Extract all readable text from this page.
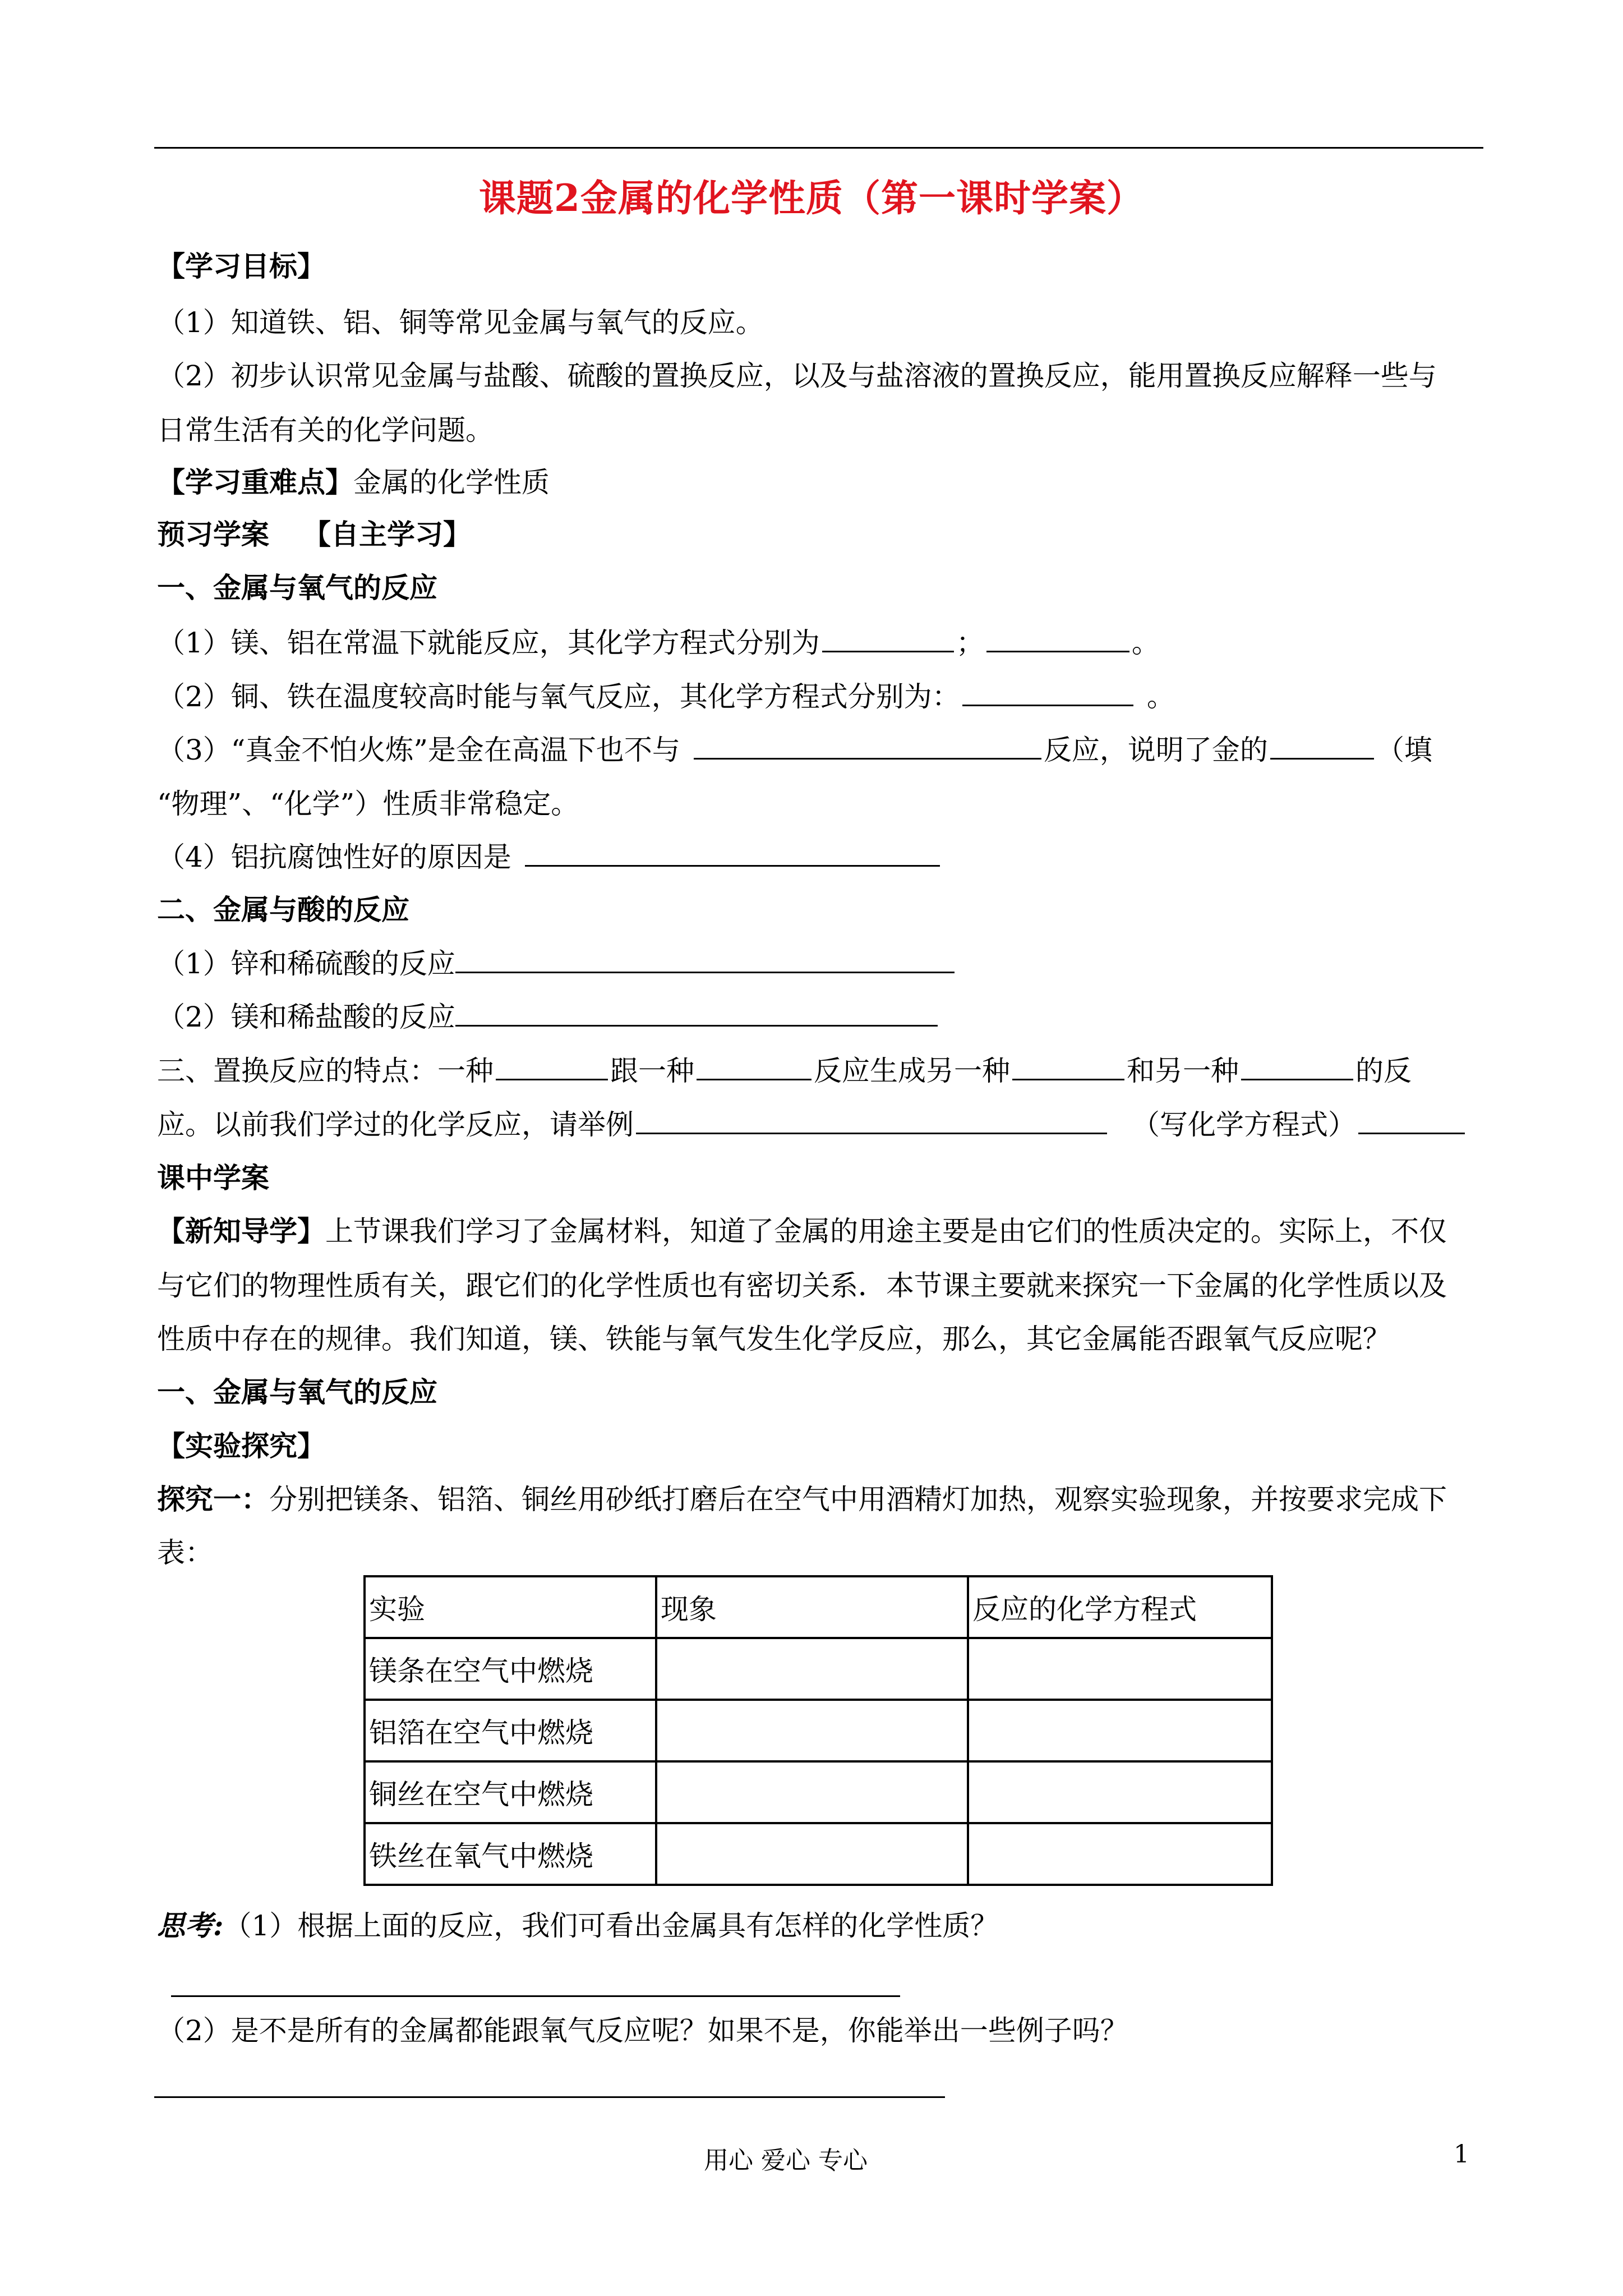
课题2金属的化学性质（第一课时学案）
【学习目标】
（1）知道铁、铝、铜等常见金属与氧气的反应。
（2）初步认识常见金属与盐酸、硫酸的置换反应，以及与盐溶液的置换反应，能用置换反应解释一些与
日常生活有关的化学问题。
【学习重难点】金属的化学性质
预习学案 【自主学习】
一、金属与氧气的反应
（1）镁、铝在常温下就能反应，其化学方程式分别为	；	。
（2）铜、铁在温度较高时能与氧气反应，其化学方程式分别为：	。
（3）“真金不怕火炼”是金在高温下也不与	反应，说明了金的	（填
“物理”、“化学”）性质非常稳定。
（4）铝抗腐蚀性好的原因是
二、金属与酸的反应
（1）锌和稀硫酸的反应
（2）镁和稀盐酸的反应
三、置换反应的特点：一种	跟一种	反应生成另一种	和另一种	的反
应。以前我们学过的化学反应，请举例	（写化学方程式）
课中学案
【新知导学】上节课我们学习了金属材料，知道了金属的用途主要是由它们的性质决定的。实际上，不仅
与它们的物理性质有关，跟它们的化学性质也有密切关系．本节课主要就来探究一下金属的化学性质以及
性质中存在的规律。我们知道，镁、铁能与氧气发生化学反应，那么，其它金属能否跟氧气反应呢？
一、金属与氧气的反应
【实验探究】
探究一：分别把镁条、铝箔、铜丝用砂纸打磨后在空气中用酒精灯加热，观察实验现象，并按要求完成下
表：
实验	现象	反应的化学方程式
镁条在空气中燃烧		
铝箔在空气中燃烧		
铜丝在空气中燃烧		
铁丝在氧气中燃烧		
思考:（1）根据上面的反应，我们可看出金属具有怎样的化学性质？
（2）是不是所有的金属都能跟氧气反应呢？如果不是，你能举出一些例子吗？
用心 爱心 专心	1
